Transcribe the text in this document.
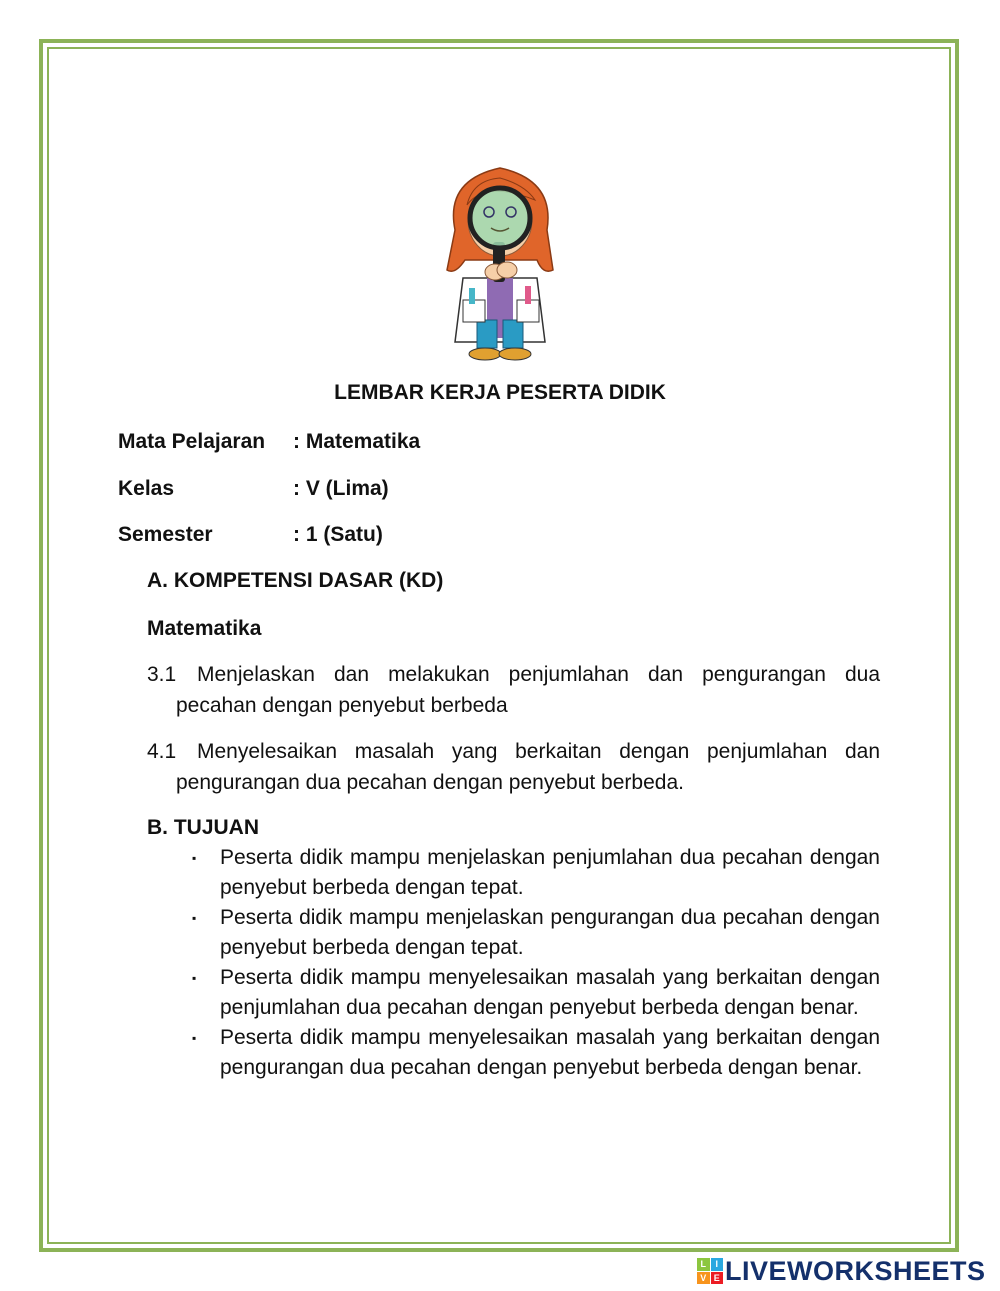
LEMBAR KERJA PESERTA DIDIK
Mata Pelajaran : Matematika
Kelas	: V (Lima)
Semester	: 1 (Satu)
A. KOMPETENSI DASAR (KD)
Matematika
3.1 Menjelaskan dan melakukan penjumlahan dan pengurangan dua
pecahan dengan penyebut berbeda
4.1 Menyelesaikan masalah yang berkaitan dengan penjumlahan dan
pengurangan dua pecahan dengan penyebut berbeda.
B. TUJUAN
▪	Peserta didik mampu menjelaskan penjumlahan dua pecahan dengan penyebut berbeda dengan tepat.
▪	Peserta didik mampu menjelaskan pengurangan dua pecahan dengan penyebut berbeda dengan tepat.
▪	Peserta didik mampu menyelesaikan masalah yang berkaitan dengan penjumlahan dua pecahan dengan penyebut berbeda dengan benar.
▪	Peserta didik mampu menyelesaikan masalah yang berkaitan dengan pengurangan dua pecahan dengan penyebut berbeda dengan benar.
L	I
V E LIVEWORKSHEETS
